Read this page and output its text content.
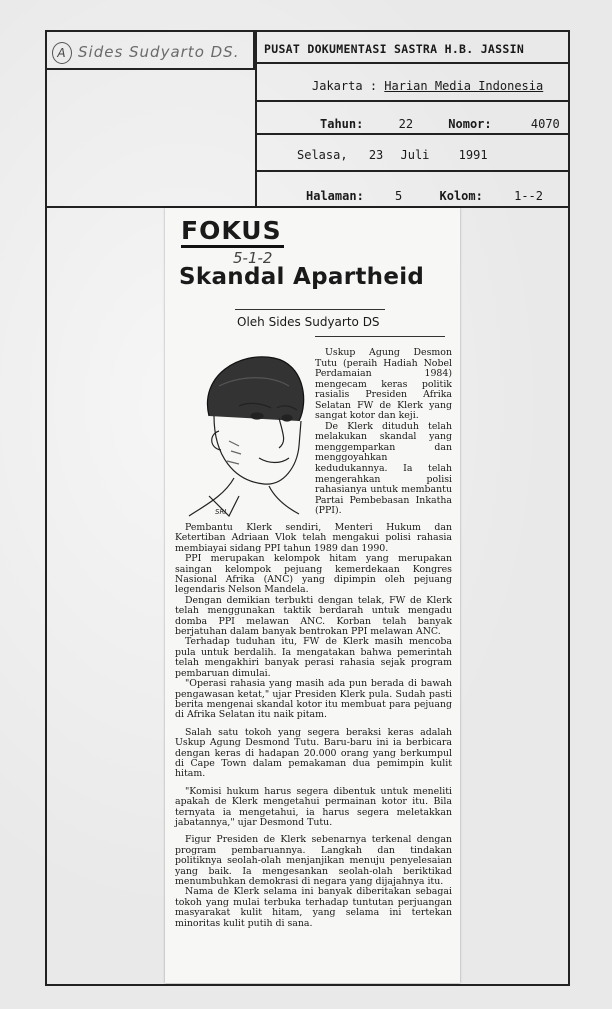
A Sides Sudyarto DS. PUSAT DOKUMENTASI SASTRA H.B. JASSIN
Jakarta : Harian Media Indonesia
Tahun:	22	Nomor:	4070
Selasa, 23 Juli 1991
Halaman:	5	Kolom:	1--2
FOKUS
5-1-2
Skandal Apartheid
Oleh Sides Sudyarto DS
SRI

Uskup Agung Desmon Tutu (peraih Hadiah Nobel Perdamaian 1984) mengecam keras politik rasialis Presiden Afrika Selatan FW de Klerk yang sangat kotor dan keji.

De Klerk dituduh telah melakukan skandal yang menggemparkan dan menggoyahkan kedudukannya. Ia telah mengerahkan polisi rahasianya untuk membantu Partai Pembebasan Inkatha (PPI).

Pembantu Klerk sendiri, Menteri Hukum dan Ketertiban Adriaan Vlok telah mengakui polisi rahasia membiayai sidang PPI tahun 1989 dan 1990.

PPI merupakan kelompok hitam yang merupakan saingan kelompok pejuang kemerdekaan Kongres Nasional Afrika (ANC) yang dipimpin oleh pejuang legendaris Nelson Mandela.

Dengan demikian terbukti dengan telak, FW de Klerk telah menggunakan taktik berdarah untuk mengadu domba PPI melawan ANC. Korban telah banyak berjatuhan dalam banyak bentrokan PPI melawan ANC.

Terhadap tuduhan itu, FW de Klerk masih mencoba pula untuk berdalih. Ia mengatakan bahwa pemerintah telah mengakhiri banyak perasi rahasia sejak program pembaruan dimulai.

"Operasi rahasia yang masih ada pun berada di bawah pengawasan ketat," ujar Presiden Klerk pula. Sudah pasti berita mengenai skandal kotor itu membuat para pejuang di Afrika Selatan itu naik pitam.

Salah satu tokoh yang segera beraksi keras adalah Uskup Agung Desmond Tutu. Baru-baru ini ia berbicara dengan keras di hadapan 20.000 orang yang berkumpul di Cape Town dalam pemakaman dua pemimpin kulit hitam.

"Komisi hukum harus segera dibentuk untuk meneliti apakah de Klerk mengetahui permainan kotor itu. Bila ternyata ia mengetahui, ia harus segera meletakkan jabatannya," ujar Desmond Tutu.

Figur Presiden de Klerk sebenarnya terkenal dengan program pembaruannya. Langkah dan tindakan politiknya seolah-olah menjanjikan menuju penyelesaian yang baik. Ia mengesankan seolah-olah beriktikad menumbuhkan demokrasi di negara yang dijajahnya itu.

Nama de Klerk selama ini banyak diberitakan sebagai tokoh yang mulai terbuka terhadap tuntutan perjuangan masyarakat kulit hitam, yang selama ini tertekan minoritas kulit putih di sana.
